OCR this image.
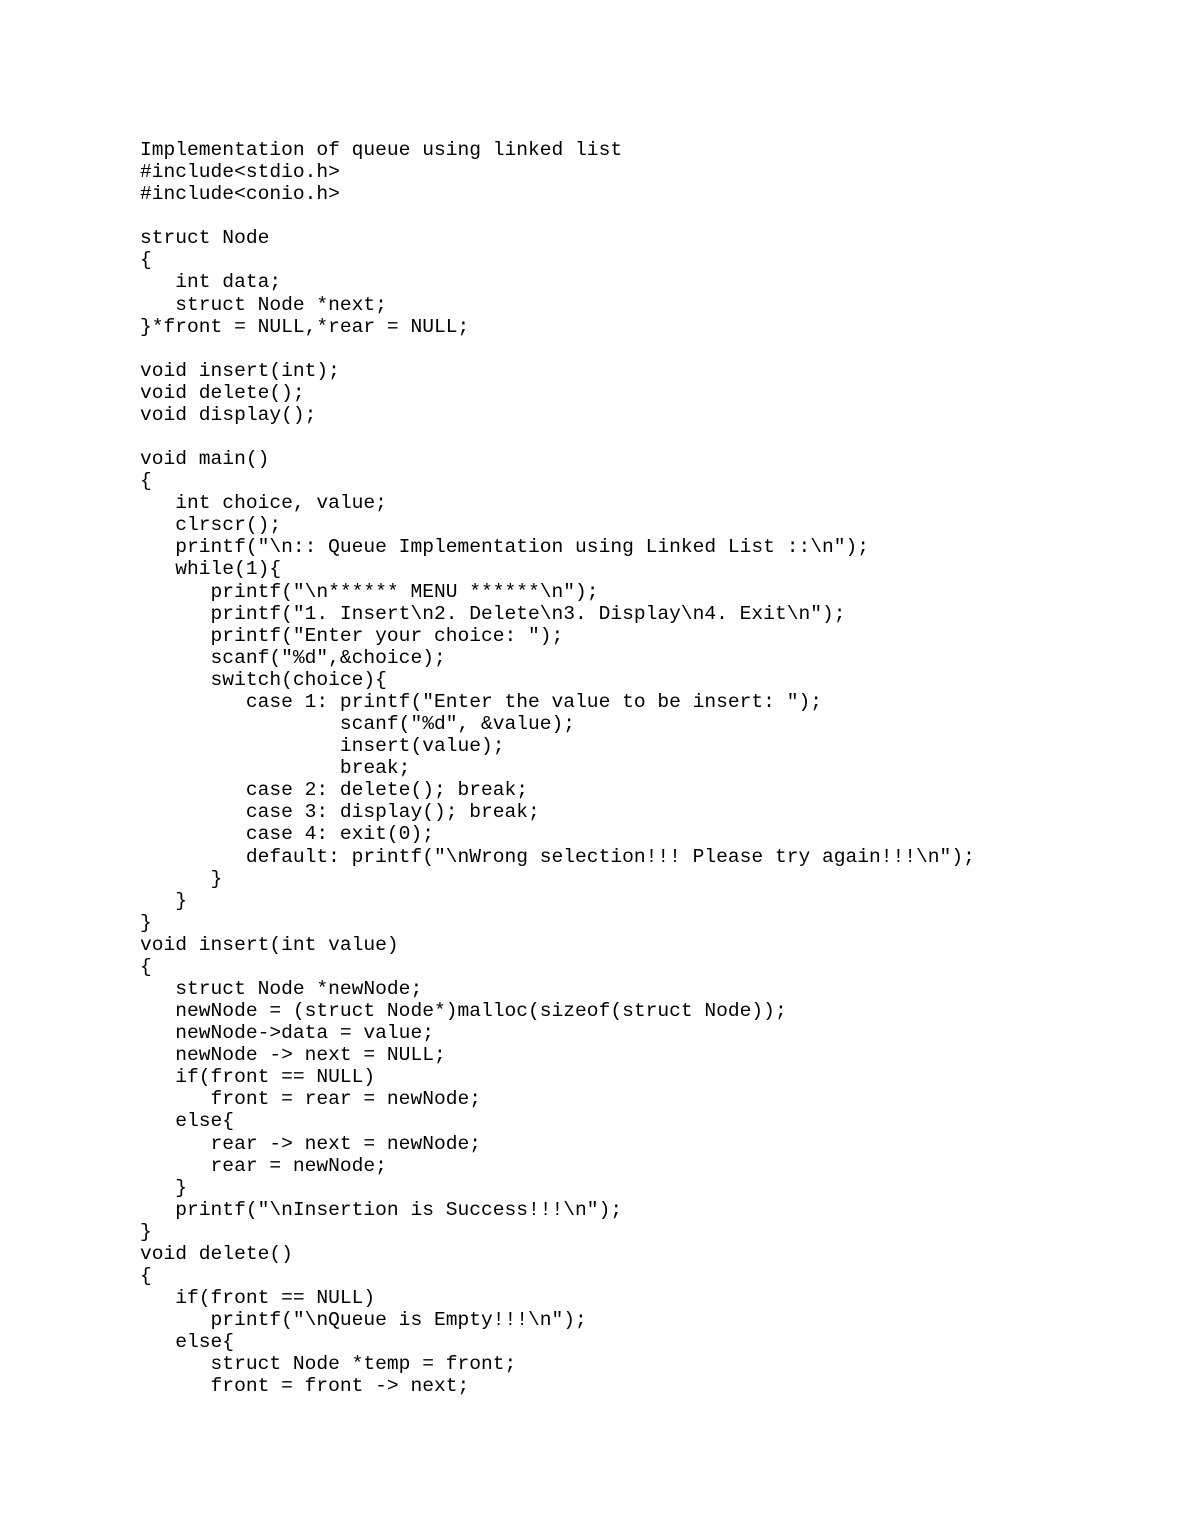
Implementation of queue using linked list
#include<stdio.h>
#include<conio.h>
struct Node
{
int data;
struct Node *next;
}*front = NULL,*rear = NULL;
void insert(int);
void delete();
void display();
void main()
{
int choice, value;
clrscr();
printf("\n:: Queue Implementation using Linked List ::\n");
while(1){
printf("\n****** MENU ******\n");
printf("1. Insert\n2. Delete\n3. Display\n4. Exit\n");
printf("Enter your choice: ");
scanf("%d",&choice);
switch(choice){
case 1: printf("Enter the value to be insert: ");
scanf("%d", &value);
insert(value);
break;
case 2: delete(); break;
case 3: display(); break;
case 4: exit(0);
default: printf("\nWrong selection!!! Please try again!!!\n");
}
}
}
void insert(int value)
{
struct Node *newNode;
newNode = (struct Node*)malloc(sizeof(struct Node));
newNode->data = value;
newNode -> next = NULL;
if(front == NULL)
front = rear = newNode;
else{
rear -> next = newNode;
rear = newNode;
}
printf("\nInsertion is Success!!!\n");
}
void delete()
{
if(front == NULL)
printf("\nQueue is Empty!!!\n");
else{
struct Node *temp = front;
front = front -> next;
